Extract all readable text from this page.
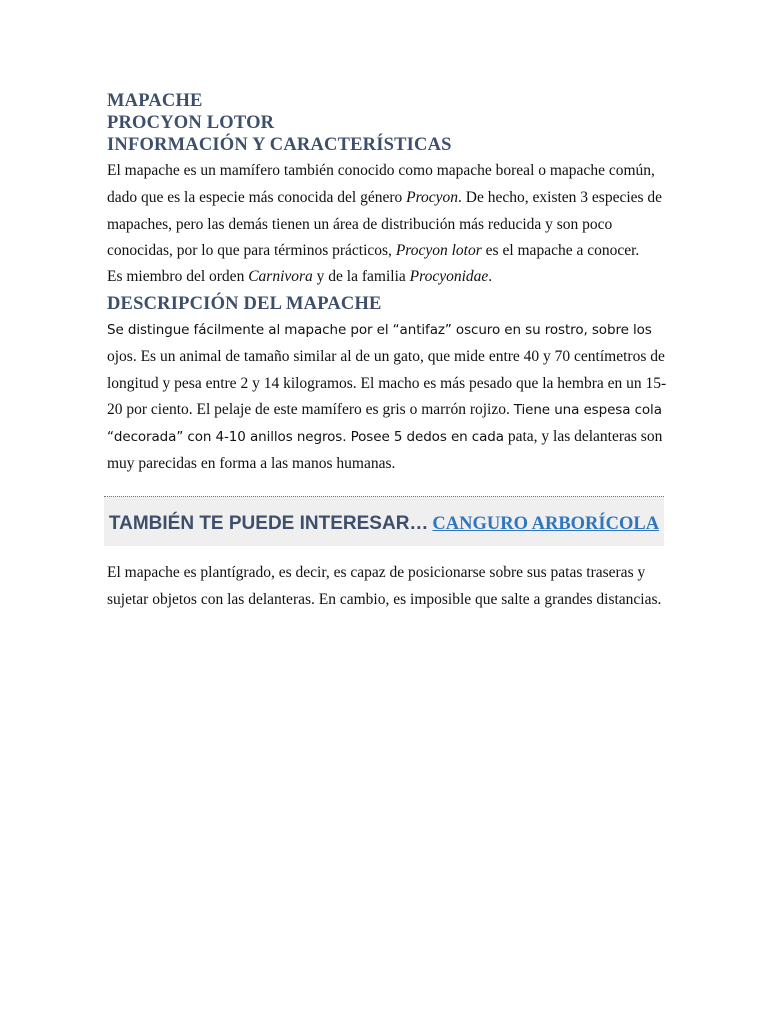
MAPACHE
PROCYON LOTOR
INFORMACIÓN Y CARACTERÍSTICAS

El mapache es un mamífero también conocido como mapache boreal o mapache común, dado que es la especie más conocida del género Procyon. De hecho, existen 3 especies de mapaches, pero las demás tienen un área de distribución más reducida y son poco conocidas, por lo que para términos prácticos, Procyon lotor es el mapache a conocer.

Es miembro del orden Carnivora y de la familia Procyonidae.

DESCRIPCIÓN DEL MAPACHE

Se distingue fácilmente al mapache por el “antifaz” oscuro en su rostro, sobre los ojos. Es un animal de tamaño similar al de un gato, que mide entre 40 y 70 centímetros de longitud y pesa entre 2 y 14 kilogramos. El macho es más pesado que la hembra en un 15-20 por ciento. El pelaje de este mamífero es gris o marrón rojizo. Tiene una espesa cola “decorada” con 4-10 anillos negros. Posee 5 dedos en cada pata, y las delanteras son muy parecidas en forma a las manos humanas.

TAMBIÉN TE PUEDE INTERESAR… CANGURO ARBORÍCOLA

El mapache es plantígrado, es decir, es capaz de posicionarse sobre sus patas traseras y sujetar objetos con las delanteras. En cambio, es imposible que salte a grandes distancias.
